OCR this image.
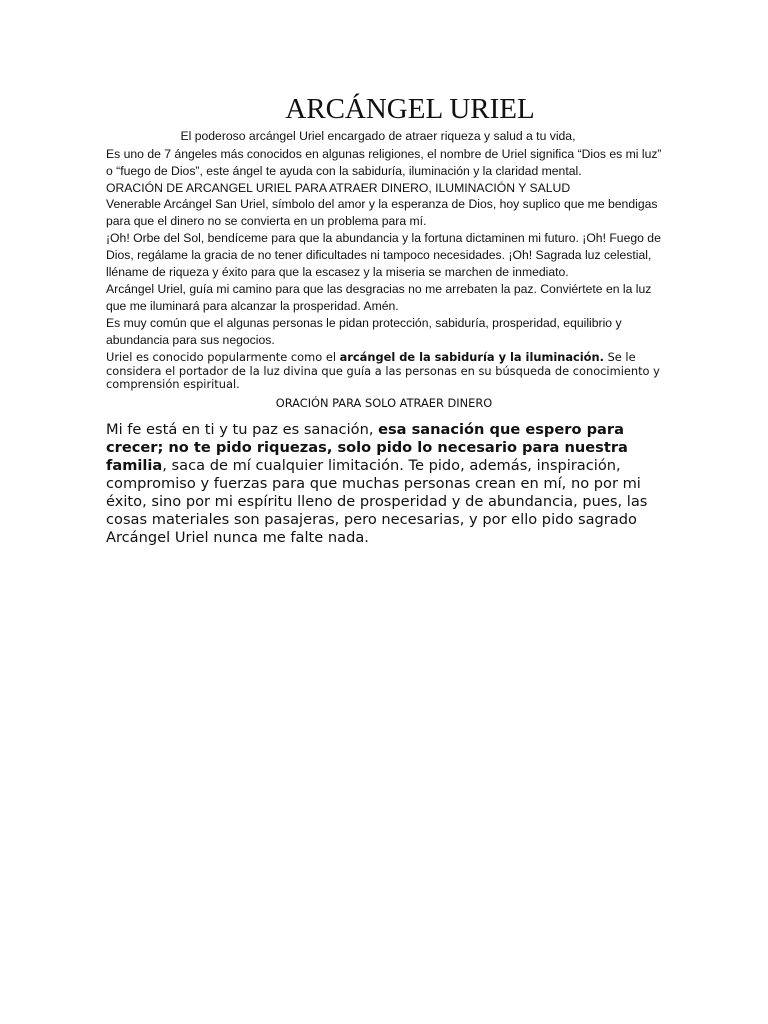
ARCÁNGEL URIEL
El poderoso arcángel Uriel encargado de atraer riqueza y salud a tu vida,
Es uno de 7 ángeles más conocidos en algunas religiones, el nombre de Uriel significa “Dios es mi luz” o “fuego de Dios”, este ángel te ayuda con la sabiduría, iluminación y la claridad mental.
ORACIÓN DE ARCANGEL URIEL PARA ATRAER DINERO, ILUMINACIÓN Y SALUD

Venerable Arcángel San Uriel, símbolo del amor y la esperanza de Dios, hoy suplico que me bendigas para que el dinero no se convierta en un problema para mí.

¡Oh! Orbe del Sol, bendíceme para que la abundancia y la fortuna dictaminen mi futuro. ¡Oh! Fuego de Dios, regálame la gracia de no tener dificultades ni tampoco necesidades. ¡Oh! Sagrada luz celestial, lléname de riqueza y éxito para que la escasez y la miseria se marchen de inmediato.

Arcángel Uriel, guía mi camino para que las desgracias no me arrebaten la paz. Conviértete en la luz que me iluminará para alcanzar la prosperidad. Amén.

Es muy común que el algunas personas le pidan protección, sabiduría, prosperidad, equilibrio y abundancia para sus negocios.

Uriel es conocido popularmente como el arcángel de la sabiduría y la iluminación. Se le considera el portador de la luz divina que guía a las personas en su búsqueda de conocimiento y comprensión espiritual.
ORACIÓN PARA SOLO ATRAER DINERO
Mi fe está en ti y tu paz es sanación, esa sanación que espero para crecer; no te pido riquezas, solo pido lo necesario para nuestra familia, saca de mí cualquier limitación. Te pido, además, inspiración, compromiso y fuerzas para que muchas personas crean en mí, no por mi éxito, sino por mi espíritu lleno de prosperidad y de abundancia, pues, las cosas materiales son pasajeras, pero necesarias, y por ello pido sagrado Arcángel Uriel nunca me falte nada.
